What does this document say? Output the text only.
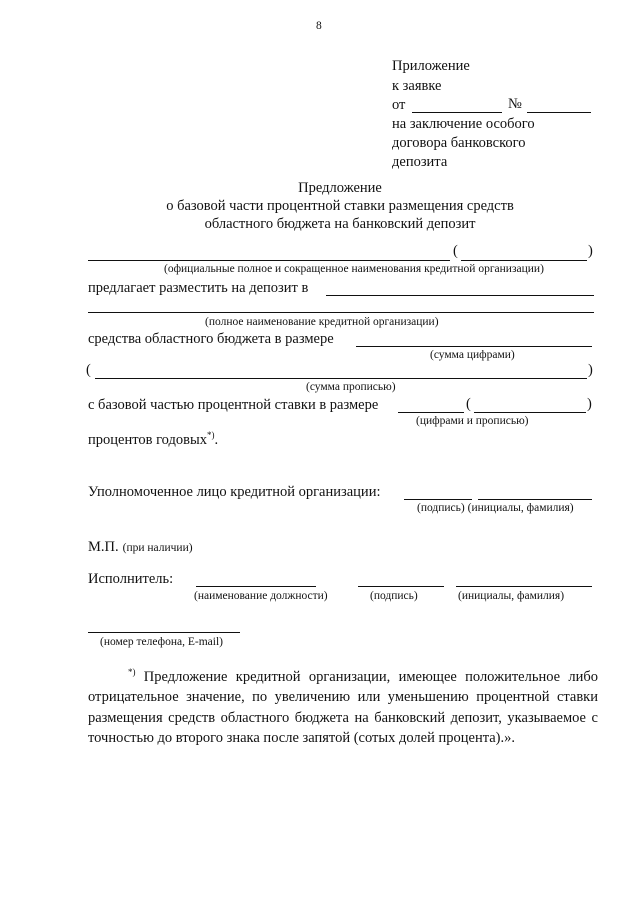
8
Приложение
к заявке
от	№
на заключение особого
договора банковского
депозита
Предложение
о базовой части процентной ставки размещения средств
областного бюджета на банковский депозит
(	)
(официальные полное и сокращенное наименования кредитной организации)
предлагает разместить на депозит в
(полное наименование кредитной организации)
средства областного бюджета в размере
(сумма цифрами)
(	)
(сумма прописью)
с базовой частью процентной ставки в размере	(	)
(цифрами и прописью)
процентов годовых*).
Уполномоченное лицо кредитной организации:
(подпись) (инициалы, фамилия)
М.П. (при наличии)
Исполнитель:
(наименование должности)	(подпись)	(инициалы, фамилия)
(номер телефона, E-mail)
*) Предложение кредитной организации, имеющее положительное либо отрицательное значение, по увеличению или уменьшению процентной ставки размещения средств областного бюджета на банковский депозит, указываемое с точностью до второго знака после запятой (сотых долей процента).».
